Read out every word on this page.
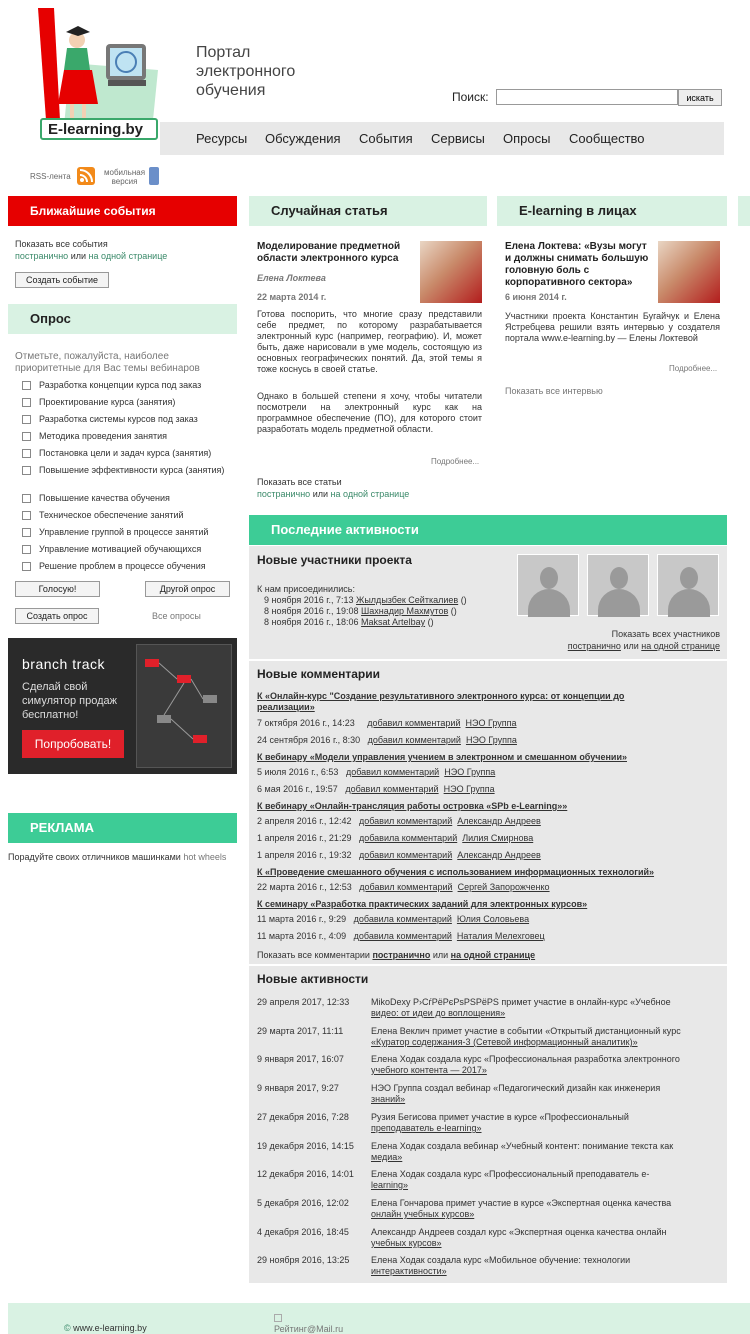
E-learning.by
Портал
электронного
обучения	Поиск:	искать
Ресурсы Обсуждения События Сервисы Опросы Сообщество
RSS-лента	мобильная
версия
Ближайшие события
Показать все события
постранично или на одной странице
Создать событие
Опрос
Отметьте, пожалуйста, наиболее
приоритетные для Вас темы вебинаров
Разработка концепции курса под заказ
Проектирование курса (занятия)
Разработка системы курсов под заказ
Методика проведения занятия
Постановка цели и задач курса (занятия)
Повышение эффективности курса (занятия)
Повышение качества обучения
Техническое обеспечение занятий
Управление группой в процессе занятий
Управление мотивацией обучающихся
Решение проблем в процессе обучения
Голосую!	Другой опрос
Создать опрос	Все опросы
branch track
Сделай свой
симулятор продаж
бесплатно!
Попробовать!
РЕКЛАМА
Порадуйте своих отличников машинками hot wheels
Случайная статья
Моделирование предметной области электронного курса
Елена Локтева
22 марта 2014 г.
Готова поспорить, что многие сразу представили себе предмет, по которому разрабатывается электронный курс (например, географию). И, может быть, даже нарисовали в уме модель, состоящую из основных географических понятий. Да, этой темы я тоже коснусь в своей статье.
Однако в большей степени я хочу, чтобы читатели посмотрели на электронный курс как на программное обеспечение (ПО), для которого стоит разработать модель предметной области.
Подробнее...
Показать все статьи
постранично или на одной странице
E-learning в лицах
Елена Локтева: «Вузы могут и должны снимать большую головную боль с корпоративного сектора»
6 июня 2014 г.
Участники проекта Константин Бугайчук и Елена Ястребцева решили взять интервью у создателя портала www.e-learning.by — Елены Локтевой
Подробнее...
Показать все интервью
Последние активности
Новые участники проекта
К нам присоединились:
9 ноября 2016 г., 7:13 Жылдызбек Сейткалиев ()
8 ноября 2016 г., 19:08 Шахнадир Махмутов ()
8 ноября 2016 г., 18:06 Maksat Artelbay ()
Показать всех участников
постранично или на одной странице
Новые комментарии
К «Онлайн-курс "Создание результативного электронного курса: от концепции до
реализации»
7 октября 2016 г., 14:23 добавил комментарий НЭО Группа
24 сентября 2016 г., 8:30 добавил комментарий НЭО Группа
К вебинару «Модели управления учением в электронном и смешанном обучении»
5 июля 2016 г., 6:53 добавил комментарий НЭО Группа
6 мая 2016 г., 19:57 добавил комментарий НЭО Группа
К вебинару «Онлайн-трансляция работы островка «SPb e-Learning»»
2 апреля 2016 г., 12:42 добавил комментарий Александр Андреев
1 апреля 2016 г., 21:29 добавила комментарий Лилия Смирнова
1 апреля 2016 г., 19:32 добавил комментарий Александр Андреев
К «Проведение смешанного обучения с использованием информационных технологий»
22 марта 2016 г., 12:53 добавил комментарий Сергей Запорожченко
К семинару «Разработка практических заданий для электронных курсов»
11 марта 2016 г., 9:29 добавила комментарий Юлия Соловьева
11 марта 2016 г., 4:09 добавила комментарий Наталия Мелехговец
Показать все комментарии постранично или на одной странице
Новые активности
29 апреля 2017, 12:33 MikoDexy Р›СѓРёРєРѕРЅРёРЅ примет участие в онлайн-курс «Учебное
видео: от идеи до воплощения»
29 марта 2017, 11:11	Елена Веклич примет участие в событии «Открытый дистанционный курс
«Куратор содержания-3 (Сетевой информационный аналитик)»
9 января 2017, 16:07	Елена Ходак создала курс «Профессиональная разработка электронного
учебного контента — 2017»
9 января 2017, 9:27	НЭО Группа создал вебинар «Педагогический дизайн как инженерия
знаний»
27 декабря 2016, 7:28 Рузия Бегисова примет участие в курсе «Профессиональный
преподаватель e-learning»
19 декабря 2016, 14:15 Елена Ходак создала вебинар «Учебный контент: понимание текста как
медиа»
12 декабря 2016, 14:01 Елена Ходак создала курс «Профессиональный преподаватель e-
learning»
5 декабря 2016, 12:02 Елена Гончарова примет участие в курсе «Экспертная оценка качества
онлайн учебных курсов»
4 декабря 2016, 18:45 Александр Андреев создал курс «Экспертная оценка качества онлайн
учебных курсов»
29 ноября 2016, 13:25 Елена Ходак создала курс «Мобильное обучение: технологии
интерактивности»
© www.e-learning.by	Рейтинг@Mail.ru
